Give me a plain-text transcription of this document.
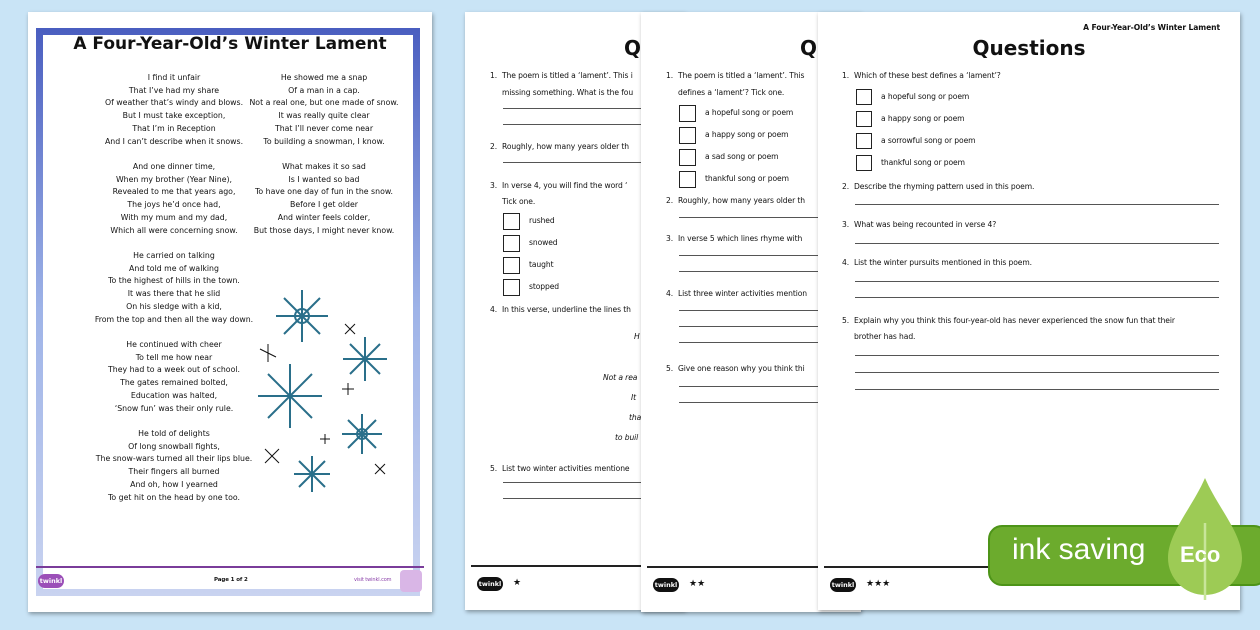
A Four-Year-Old’s Winter Lament
twinkl	Page 1 of 2	visit twinkl.com
I find it unfair
That I’ve had my share
Of weather that’s windy and blows.
But I must take exception,
That I’m in Reception
And I can’t describe when it snows.
And one dinner time,
When my brother (Year Nine),
Revealed to me that years ago,
The joys he’d once had,
With my mum and my dad,
Which all were concerning snow.
He carried on talking
And told me of walking
To the highest of hills in the town.
It was there that he slid
On his sledge with a kid,
From the top and then all the way down.
He continued with cheer
To tell me how near
They had to a week out of school.
The gates remained bolted,
Education was halted,
‘Snow fun’ was their only rule.
He told of delights
Of long snowball fights,
The snow-wars turned all their lips blue.
Their fingers all burned
And oh, how I yearned
To get hit on the head by one too.
He showed me a snap
Of a man in a cap.
Not a real one, but one made of snow.
It was really quite clear
That I’ll never come near
To building a snowman, I know.
What makes it so sad
Is I wanted so bad
To have one day of fun in the snow.
Before I get older
And winter feels colder,
But those days, I might never know.
Q
1. The poem is titled a ‘lament’. This i
missing something. What is the fou
2. Roughly, how many years older th
3. In verse 4, you will find the word ‘
Tick one.
rushed
snowed
taught
stopped
4. In this verse, underline the lines th
H
Not a rea
It
tha
to buil
5. List two winter activities mentione
twinkl ★
Q
1. The poem is titled a ‘lament’. This
defines a ‘lament’? Tick one.
a hopeful song or poem
a happy song or poem
a sad song or poem
thankful song or poem
2. Roughly, how many years older th
3. In verse 5 which lines rhyme with
4. List three winter activities mention
5. Give one reason why you think thi
twinkl ★★
A Four-Year-Old’s Winter Lament
Questions
1. Which of these best defines a ‘lament’?
a hopeful song or poem
a happy song or poem
a sorrowful song or poem
thankful song or poem
2. Describe the rhyming pattern used in this poem.
3. What was being recounted in verse 4?
4. List the winter pursuits mentioned in this poem.
5. Explain why you think this four-year-old has never experienced the snow fun that their
brother has had.
twinkl ★★★
ink saving Eco
